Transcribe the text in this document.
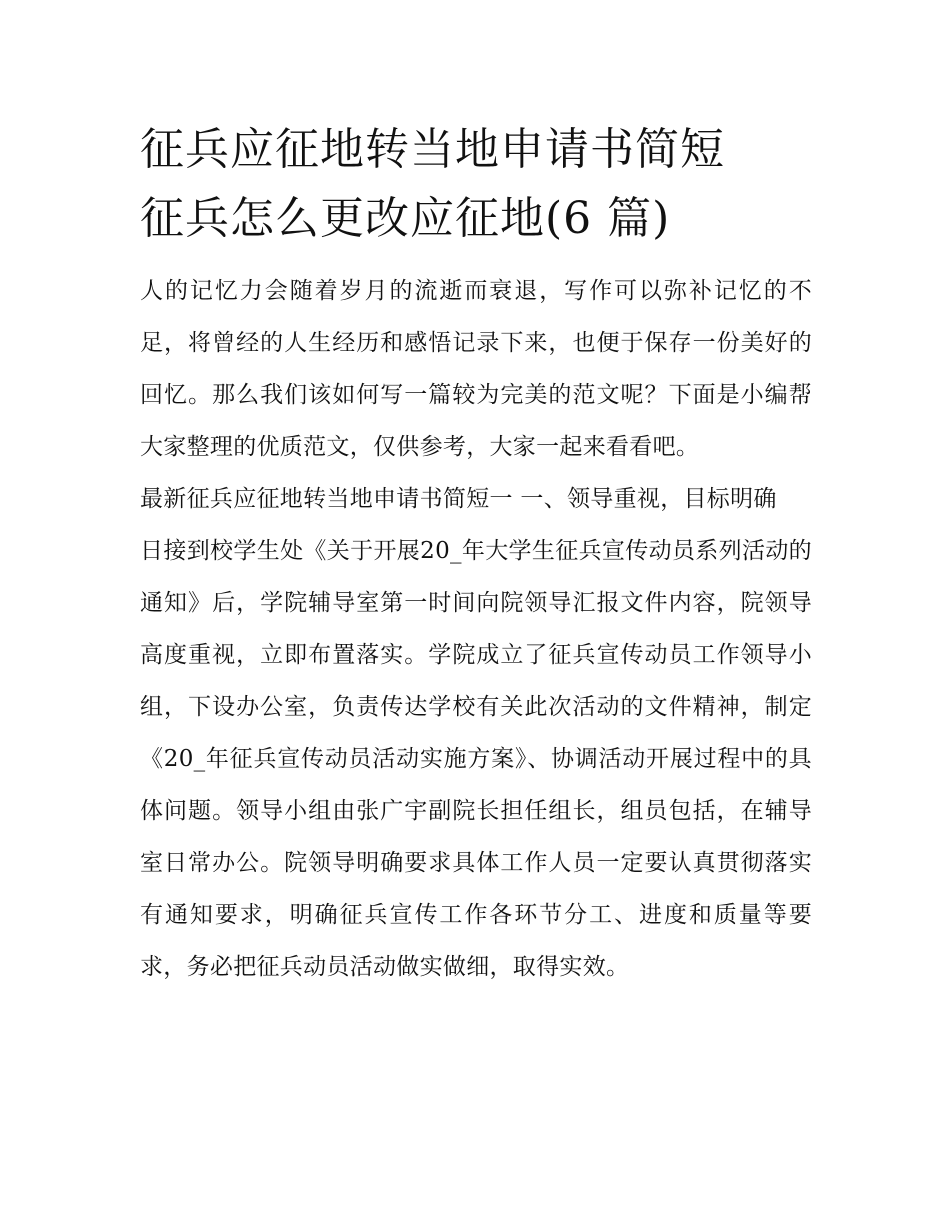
征兵应征地转当地申请书简短
征兵怎么更改应征地(6 篇)

人的记忆力会随着岁月的流逝而衰退，写作可以弥补记忆的不足，将曾经的人生经历和感悟记录下来，也便于保存一份美好的回忆。那么我们该如何写一篇较为完美的范文呢？下面是小编帮大家整理的优质范文，仅供参考，大家一起来看看吧。

最新征兵应征地转当地申请书简短一 一、领导重视，目标明确

日接到校学生处《关于开展20_年大学生征兵宣传动员系列活动的通知》后，学院辅导室第一时间向院领导汇报文件内容，院领导高度重视，立即布置落实。学院成立了征兵宣传动员工作领导小组，下设办公室，负责传达学校有关此次活动的文件精神，制定《20_年征兵宣传动员活动实施方案》、协调活动开展过程中的具体问题。领导小组由张广宇副院长担任组长，组员包括，在辅导室日常办公。院领导明确要求具体工作人员一定要认真贯彻落实有通知要求，明确征兵宣传工作各环节分工、进度和质量等要求，务必把征兵动员活动做实做细，取得实效。
